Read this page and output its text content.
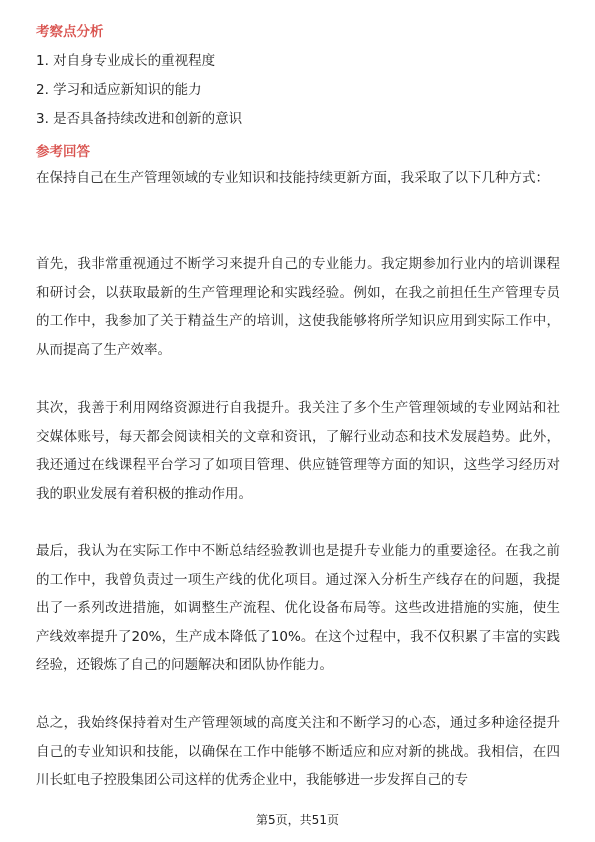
考察点分析

1. 对自身专业成长的重视程度

2. 学习和适应新知识的能力

3. 是否具备持续改进和创新的意识

参考回答

在保持自己在生产管理领域的专业知识和技能持续更新方面，我采取了以下几种方式：

首先，我非常重视通过不断学习来提升自己的专业能力。我定期参加行业内的培训课程和研讨会，以获取最新的生产管理理论和实践经验。例如，在我之前担任生产管理专员的工作中，我参加了关于精益生产的培训，这使我能够将所学知识应用到实际工作中，从而提高了生产效率。

其次，我善于利用网络资源进行自我提升。我关注了多个生产管理领域的专业网站和社交媒体账号，每天都会阅读相关的文章和资讯，了解行业动态和技术发展趋势。此外，我还通过在线课程平台学习了如项目管理、供应链管理等方面的知识，这些学习经历对我的职业发展有着积极的推动作用。

最后，我认为在实际工作中不断总结经验教训也是提升专业能力的重要途径。在我之前的工作中，我曾负责过一项生产线的优化项目。通过深入分析生产线存在的问题，我提出了一系列改进措施，如调整生产流程、优化设备布局等。这些改进措施的实施，使生产线效率提升了20%，生产成本降低了10%。在这个过程中，我不仅积累了丰富的实践经验，还锻炼了自己的问题解决和团队协作能力。

总之，我始终保持着对生产管理领域的高度关注和不断学习的心态，通过多种途径提升自己的专业知识和技能，以确保在工作中能够不断适应和应对新的挑战。我相信，在四川长虹电子控股集团公司这样的优秀企业中，我能够进一步发挥自己的专

第5页，共51页
